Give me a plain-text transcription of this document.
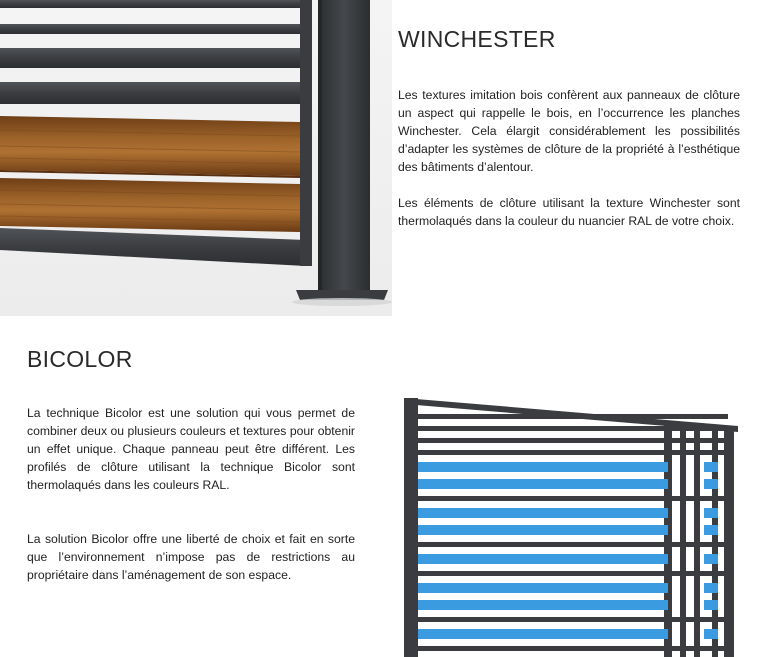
WINCHESTER

Les textures imitation bois confèrent aux panneaux de clôture un aspect qui rappelle le bois, en l’occurrence les planches Winchester. Cela élargit considérablement les possibilités d’adapter les systèmes de clôture de la propriété à l’esthétique des bâtiments d’alentour.

Les éléments de clôture utilisant la texture Winchester sont thermolaqués dans la couleur du nuancier RAL de votre choix.

BICOLOR

La technique Bicolor est une solution qui vous permet de combiner deux ou plusieurs couleurs et textures pour obtenir un effet unique. Chaque panneau peut être différent. Les profilés de clôture utilisant la technique Bicolor sont thermolaqués dans les couleurs RAL.

La solution Bicolor offre une liberté de choix et fait en sorte que l’environnement n’impose pas de restrictions au propriétaire dans l’aménagement de son espace.
